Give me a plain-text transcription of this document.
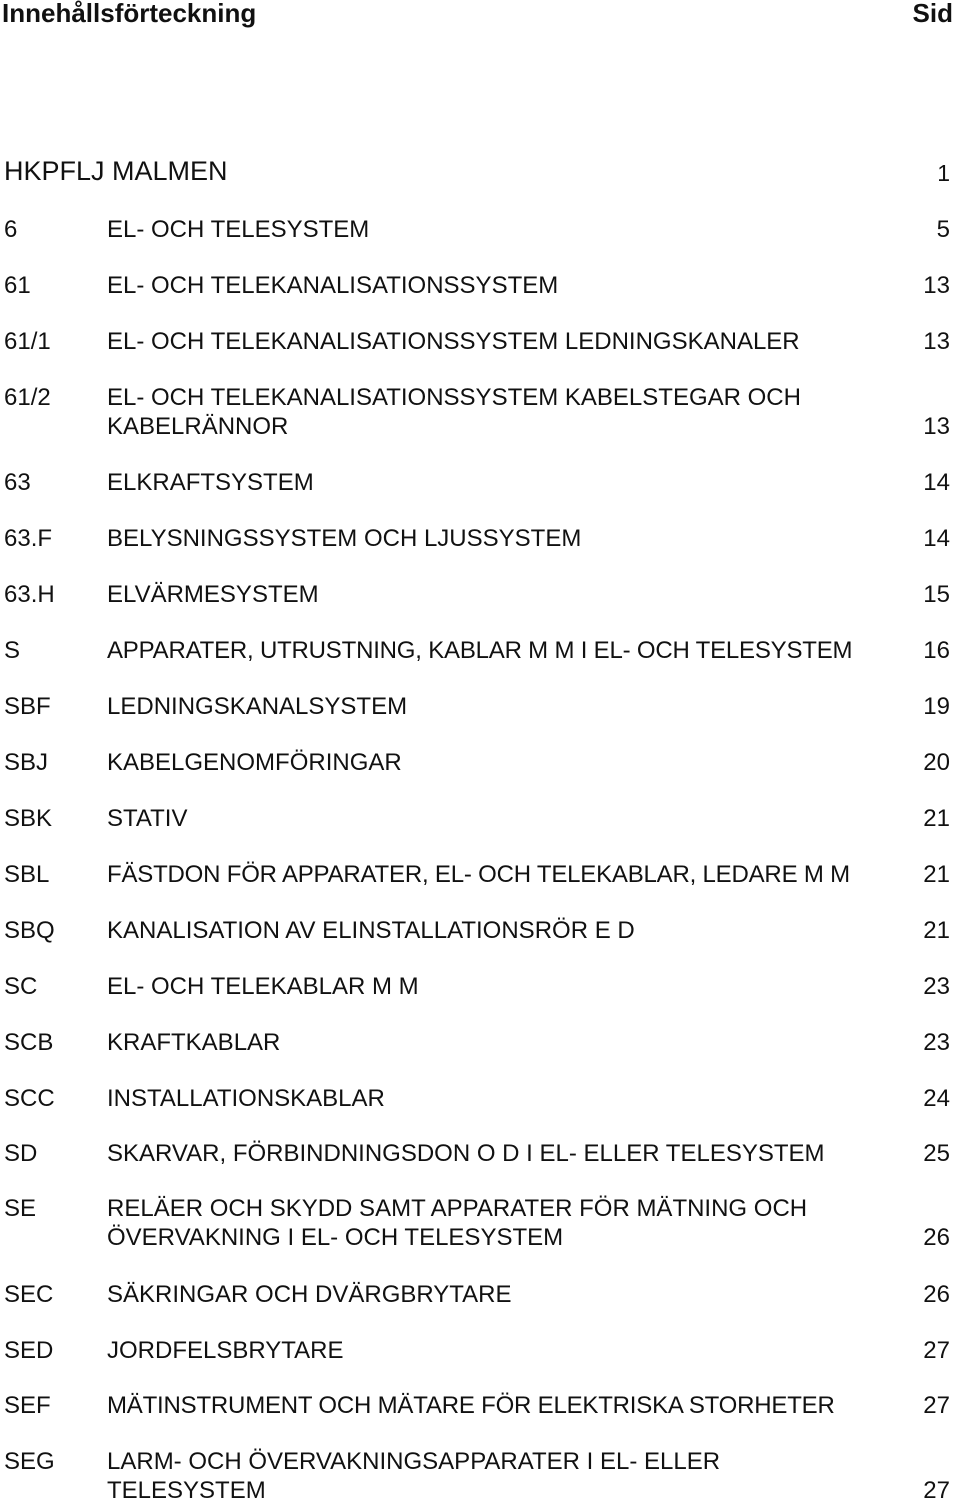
Innehållsförteckning	Sid
HKPFLJ MALMEN	1
6	EL- OCH TELESYSTEM	5
61	EL- OCH TELEKANALISATIONSSYSTEM	13
61/1 EL- OCH TELEKANALISATIONSSYSTEM LEDNINGSKANALER	13
61/2 EL- OCH TELEKANALISATIONSSYSTEM KABELSTEGAR OCH
KABELRÄNNOR	13
63	ELKRAFTSYSTEM	14
63.F BELYSNINGSSYSTEM OCH LJUSSYSTEM	14
63.H ELVÄRMESYSTEM	15
S	APPARATER, UTRUSTNING, KABLAR M M I EL- OCH TELESYSTEM	16
SBF LEDNINGSKANALSYSTEM	19
SBJ KABELGENOMFÖRINGAR	20
SBK STATIV	21
SBL FÄSTDON FÖR APPARATER, EL- OCH TELEKABLAR, LEDARE M M	21
SBQ KANALISATION AV ELINSTALLATIONSRÖR E D	21
SC	EL- OCH TELEKABLAR M M	23
SCB KRAFTKABLAR	23
SCC INSTALLATIONSKABLAR	24
SD	SKARVAR, FÖRBINDNINGSDON O D I EL- ELLER TELESYSTEM	25
SE	RELÄER OCH SKYDD SAMT APPARATER FÖR MÄTNING OCH
ÖVERVAKNING I EL- OCH TELESYSTEM	26
SEC SÄKRINGAR OCH DVÄRGBRYTARE	26
SED JORDFELSBRYTARE	27
SEF MÄTINSTRUMENT OCH MÄTARE FÖR ELEKTRISKA STORHETER	27
SEG LARM- OCH ÖVERVAKNINGSAPPARATER I EL- ELLER
TELESYSTEM	27
